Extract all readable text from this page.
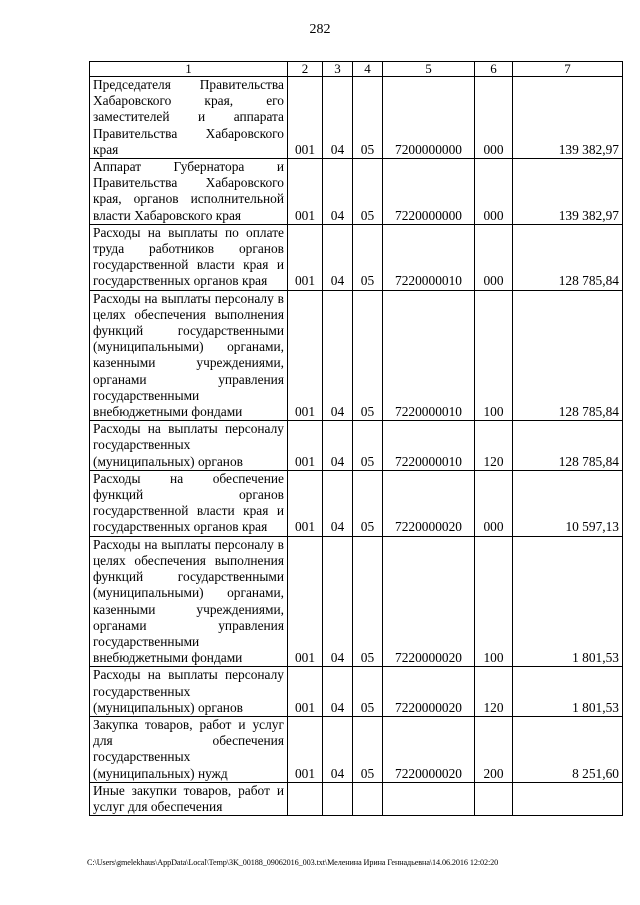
282
1	2	3	4	5	6	7
Председателя Правительства Хабаровского края, его заместителей и аппарата Правительства Хабаровского края	001	04	05	7200000000	000	139 382,97
Аппарат Губернатора и Правительства Хабаровского края, органов исполнительной власти Хабаровского края	001	04	05	7220000000	000	139 382,97
Расходы на выплаты по оплате труда работников органов государственной власти края и государственных органов края	001	04	05	7220000010	000	128 785,84
Расходы на выплаты персоналу в целях обеспечения выполнения функций государственными (муниципальными) органами, казенными учреждениями, органами управления государственными внебюджетными фондами	001	04	05	7220000010	100	128 785,84
Расходы на выплаты персоналу государственных (муниципальных) органов	001	04	05	7220000010	120	128 785,84
Расходы на обеспечение функций органов государственной власти края и государственных органов края	001	04	05	7220000020	000	10 597,13
Расходы на выплаты персоналу в целях обеспечения выполнения функций государственными (муниципальными) органами, казенными учреждениями, органами управления государственными внебюджетными фондами	001	04	05	7220000020	100	1 801,53
Расходы на выплаты персоналу государственных (муниципальных) органов	001	04	05	7220000020	120	1 801,53
Закупка товаров, работ и услуг для обеспечения государственных (муниципальных) нужд	001	04	05	7220000020	200	8 251,60
Иные закупки товаров, работ и услуг для обеспечения						
C:\Users\gmelekhaus\AppData\Local\Temp\3K_00188_09062016_003.txt\Меленина Ирина Геннадьевна\14.06.2016 12:02:20
